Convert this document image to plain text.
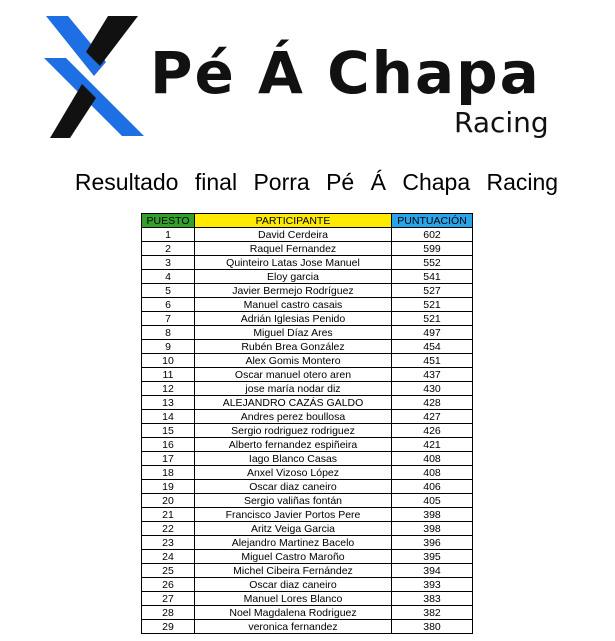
Pé Á Chapa
Racing
Resultado final Porra Pé Á Chapa Racing
PUESTO	PARTICIPANTE	PUNTUACIÓN
1	David Cerdeira	602
2	Raquel Fernandez	599
3	Quinteiro Latas Jose Manuel	552
4	Eloy garcia	541
5	Javier Bermejo Rodríguez	527
6	Manuel castro casais	521
7	Adrián Iglesias Penido	521
8	Miguel Díaz Ares	497
9	Rubén Brea González	454
10	Alex Gomis Montero	451
11	Oscar manuel otero aren	437
12	jose maría nodar diz	430
13	ALEJANDRO CAZÁS GALDO	428
14	Andres perez boullosa	427
15	Sergio rodriguez rodriguez	426
16	Alberto fernandez espiñeira	421
17	Iago Blanco Casas	408
18	Anxel Vizoso López	408
19	Oscar diaz caneiro	406
20	Sergio valiñas fontán	405
21	Francisco Javier Portos Pere	398
22	Aritz Veiga Garcia	398
23	Alejandro Martinez Bacelo	396
24	Miguel Castro Maroño	395
25	Michel Cibeira Fernández	394
26	Oscar diaz caneiro	393
27	Manuel Lores Blanco	383
28	Noel Magdalena Rodriguez	382
29	veronica fernandez	380
